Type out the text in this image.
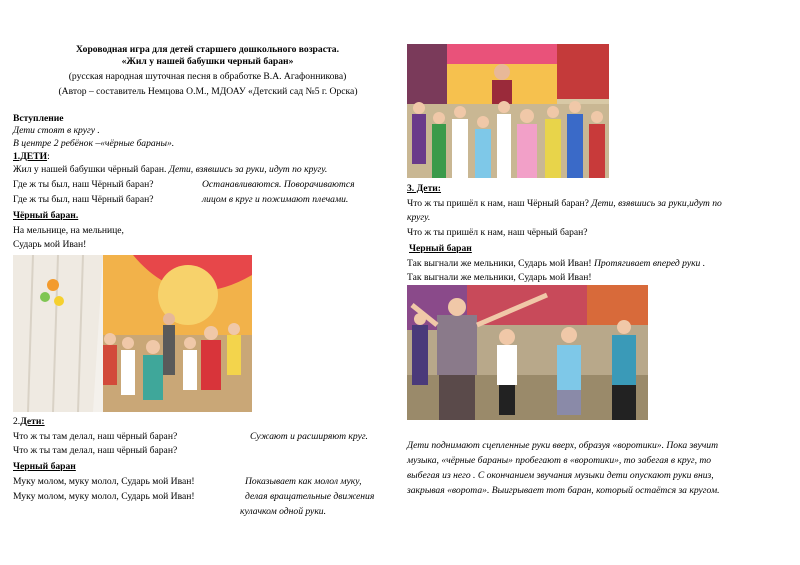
Хороводная игра для детей старшего дошкольного возраста.
«Жил у нашей бабушки черный баран»
(русская народная шуточная песня в обработке В.А. Агафонникова)
(Автор – составитель Немцова О.М., МДОАУ «Детский сад №5 г. Орска)
Вступление
Дети стоят в кругу .
В центре 2 ребёнок –«чёрные бараны».
1.ДЕТИ:
Жил у нашей бабушки чёрный баран. Дети, взявшись за руки, идут по кругу.
Где ж ты был, наш Чёрный баран?	Останавливаются. Поворачиваются
Где ж ты был, наш Чёрный баран?	лицом в круг и пожимают плечами.
Чёрный баран.
На мельнице, на мельнице,
Сударь мой Иван!
2.Дети:
Что ж ты там делал, наш чёрный баран?	Сужают и расширяют круг.
Что ж ты там делал, наш чёрный баран?
Черный баран
Муку молом, муку молол, Сударь мой Иван!	Показывает как молол муку,
Муку молом, муку молол, Сударь мой Иван!	делая вращательные движения
кулачком одной руки.
3. Дети:
Что ж ты пришёл к нам, наш Чёрный баран? Дети, взявшись за руки,идут по
кругу.
Что ж ты пришёл к нам, наш чёрный баран?
Черный баран
Так выгнали же мельники, Сударь мой Иван! Протягивает вперед руки .
Так выгнали же мельники, Сударь мой Иван!
Дети поднимают сцепленные руки вверх, образуя «воротики». Пока звучит
музыка, «чёрные бараны» пробегают в «воротики», то забегая в круг, то
выбегая из него . С окончанием звучания музыки дети опускают руки вниз,
закрывая «ворота». Выигрывает тот баран, который остаётся за кругом.
